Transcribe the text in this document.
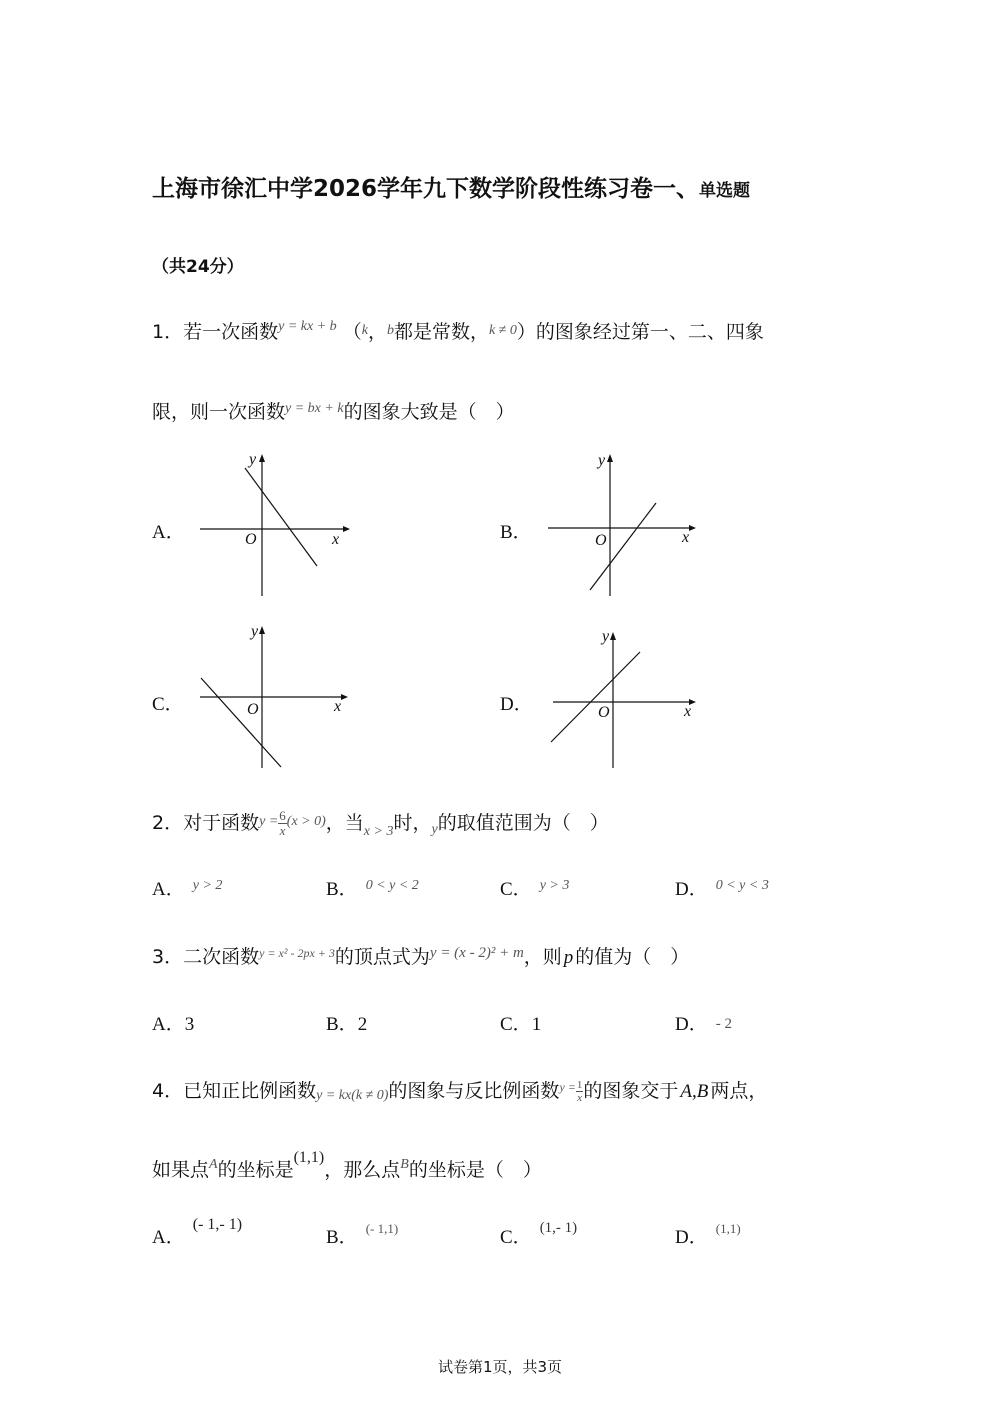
上海市徐汇中学2026学年九下数学阶段性练习卷一、单选题
（共24分）
1．若一次函数$^{y = kx + b}$ （$^k$，$^b$都是常数，$^{k \ne 0}$）的图象经过第一、二、四象
限，则一次函数$^{y = bx + k}$的图象大致是（　）
A．
y
x
O	B．
y
x
O
C．
y
x
O	D．
y
x
O
2．对于函数$^{y =} \frac{6}{x} ^{(x > 0)}$，当$_{x > 3}$时，$_y$的取值范围为（　）
A． $^{y > 2}$	B． $^{0 < y < 2}$	C． $^{y > 3}$	D． $^{0 < y < 3}$
3．二次函数$^{y = x^2 - 2px + 3}$的顶点式为$^{y = (x - 2)^2 + m}$，则 p 的值为（　）
A．3	B．2	C．1	D． - 2
4．已知正比例函数y = kx(k ≠ 0)的图象与反比例函数$^{y =} \frac{1}{x}$ 的图象交于 A,B 两点，
如果点$^A$的坐标是$^{(1,1)}$，那么点$^B$的坐标是（　）
A．$^{(- 1,- 1)}$
B． $^{(- 1,1)}$	C． $^{(1,- 1)}$	D． $^{(1,1)}$
试卷第1页，共3页
